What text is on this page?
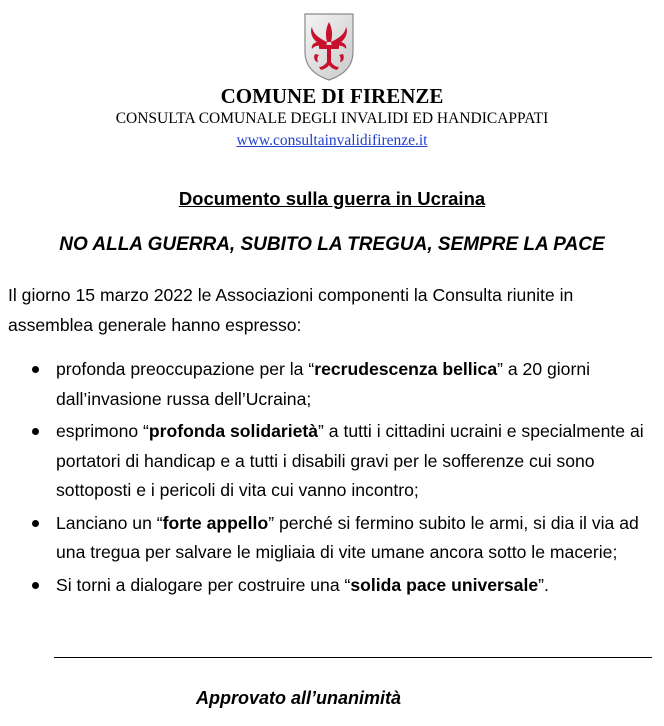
COMUNE DI FIRENZE
CONSULTA COMUNALE DEGLI INVALIDI ED HANDICAPPATI
www.consultainvalidifirenze.it
Documento sulla guerra in Ucraina
NO ALLA GUERRA, SUBITO LA TREGUA, SEMPRE LA PACE
Il giorno 15 marzo 2022 le Associazioni componenti la Consulta riunite in assemblea generale hanno espresso:
profonda preoccupazione per la “recrudescenza bellica” a 20 giorni dall’invasione russa dell’Ucraina;
esprimono “profonda solidarietà” a tutti i cittadini ucraini e specialmente ai portatori di handicap e a tutti i disabili gravi per le sofferenze cui sono sottoposti e i pericoli di vita cui vanno incontro;
Lanciano un “forte appello” perché si fermino subito le armi, si dia il via ad una tregua per salvare le migliaia di vite umane ancora sotto le macerie;
Si torni a dialogare per costruire una “solida pace universale”.
Approvato all’unanimità
